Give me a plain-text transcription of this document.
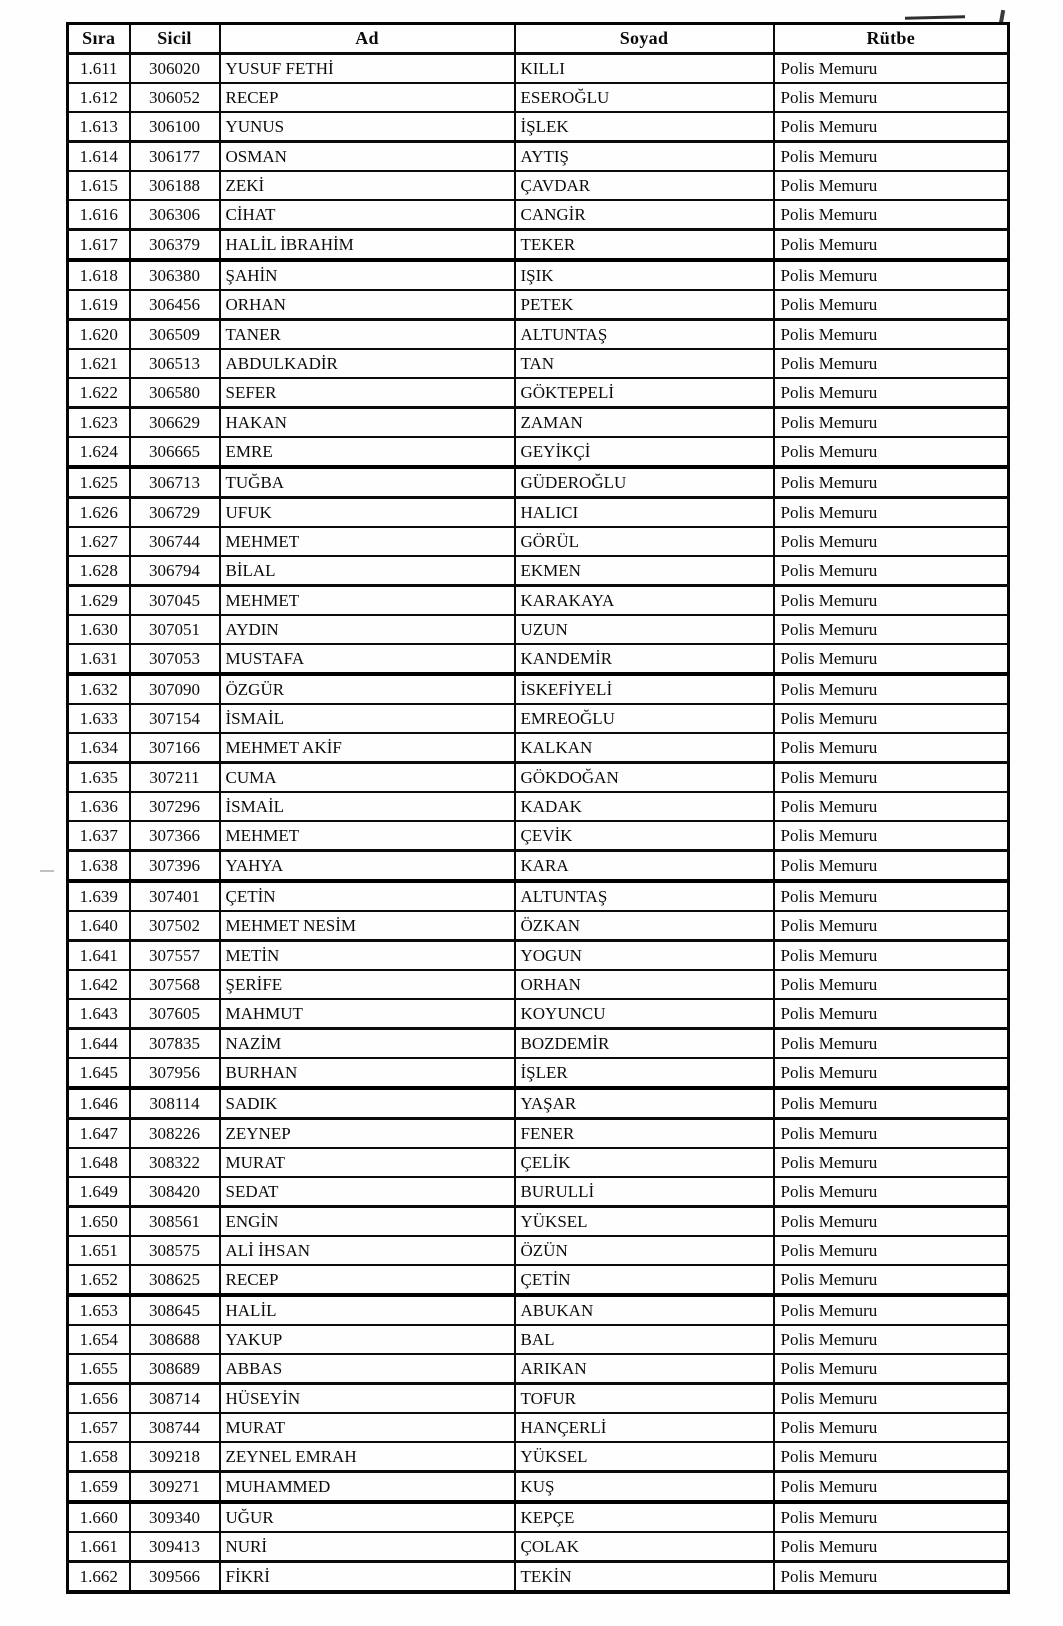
Sıra	Sicil	Ad	Soyad	Rütbe
1.611	306020	YUSUF FETHİ	KILLI	Polis Memuru
1.612	306052	RECEP	ESEROĞLU	Polis Memuru
1.613	306100	YUNUS	İŞLEK	Polis Memuru
1.614	306177	OSMAN	AYTIŞ	Polis Memuru
1.615	306188	ZEKİ	ÇAVDAR	Polis Memuru
1.616	306306	CİHAT	CANGİR	Polis Memuru
1.617	306379	HALİL İBRAHİM	TEKER	Polis Memuru
1.618	306380	ŞAHİN	IŞIK	Polis Memuru
1.619	306456	ORHAN	PETEK	Polis Memuru
1.620	306509	TANER	ALTUNTAŞ	Polis Memuru
1.621	306513	ABDULKADİR	TAN	Polis Memuru
1.622	306580	SEFER	GÖKTEPELİ	Polis Memuru
1.623	306629	HAKAN	ZAMAN	Polis Memuru
1.624	306665	EMRE	GEYİKÇİ	Polis Memuru
1.625	306713	TUĞBA	GÜDEROĞLU	Polis Memuru
1.626	306729	UFUK	HALICI	Polis Memuru
1.627	306744	MEHMET	GÖRÜL	Polis Memuru
1.628	306794	BİLAL	EKMEN	Polis Memuru
1.629	307045	MEHMET	KARAKAYA	Polis Memuru
1.630	307051	AYDIN	UZUN	Polis Memuru
1.631	307053	MUSTAFA	KANDEMİR	Polis Memuru
1.632	307090	ÖZGÜR	İSKEFİYELİ	Polis Memuru
1.633	307154	İSMAİL	EMREOĞLU	Polis Memuru
1.634	307166	MEHMET AKİF	KALKAN	Polis Memuru
1.635	307211	CUMA	GÖKDOĞAN	Polis Memuru
1.636	307296	İSMAİL	KADAK	Polis Memuru
1.637	307366	MEHMET	ÇEVİK	Polis Memuru
1.638	307396	YAHYA	KARA	Polis Memuru
1.639	307401	ÇETİN	ALTUNTAŞ	Polis Memuru
1.640	307502	MEHMET NESİM	ÖZKAN	Polis Memuru
1.641	307557	METİN	YOGUN	Polis Memuru
1.642	307568	ŞERİFE	ORHAN	Polis Memuru
1.643	307605	MAHMUT	KOYUNCU	Polis Memuru
1.644	307835	NAZİM	BOZDEMİR	Polis Memuru
1.645	307956	BURHAN	İŞLER	Polis Memuru
1.646	308114	SADIK	YAŞAR	Polis Memuru
1.647	308226	ZEYNEP	FENER	Polis Memuru
1.648	308322	MURAT	ÇELİK	Polis Memuru
1.649	308420	SEDAT	BURULLİ	Polis Memuru
1.650	308561	ENGİN	YÜKSEL	Polis Memuru
1.651	308575	ALİ İHSAN	ÖZÜN	Polis Memuru
1.652	308625	RECEP	ÇETİN	Polis Memuru
1.653	308645	HALİL	ABUKAN	Polis Memuru
1.654	308688	YAKUP	BAL	Polis Memuru
1.655	308689	ABBAS	ARIKAN	Polis Memuru
1.656	308714	HÜSEYİN	TOFUR	Polis Memuru
1.657	308744	MURAT	HANÇERLİ	Polis Memuru
1.658	309218	ZEYNEL EMRAH	YÜKSEL	Polis Memuru
1.659	309271	MUHAMMED	KUŞ	Polis Memuru
1.660	309340	UĞUR	KEPÇE	Polis Memuru
1.661	309413	NURİ	ÇOLAK	Polis Memuru
1.662	309566	FİKRİ	TEKİN	Polis Memuru
